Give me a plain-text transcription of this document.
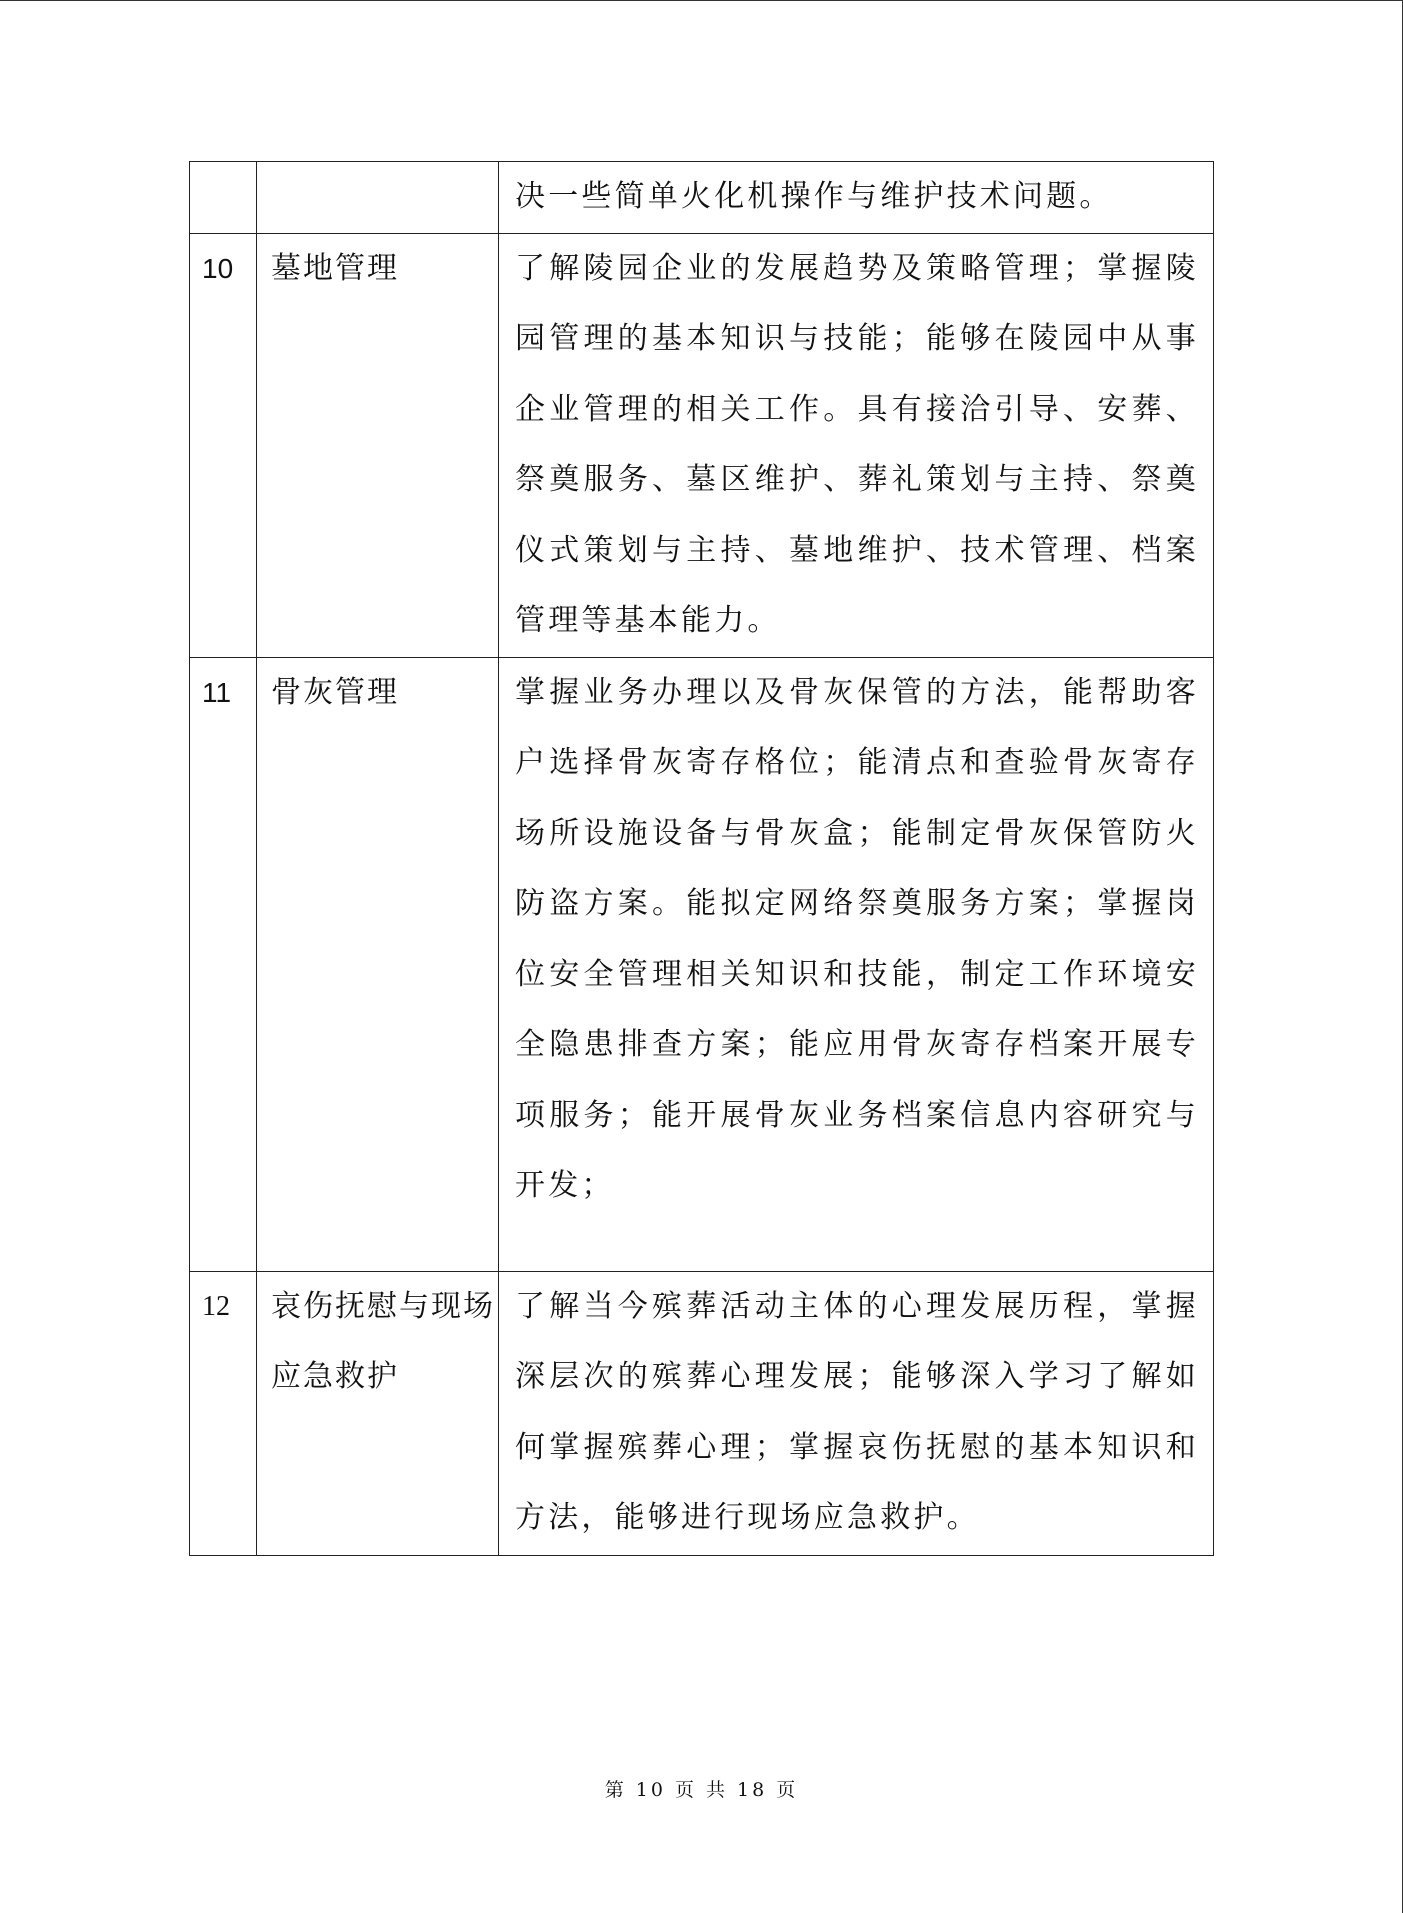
		决一些简单火化机操作与维护技术问题。
10	墓地管理	了解陵园企业的发展趋势及策略管理；掌握陵园管理的基本知识与技能；能够在陵园中从事企业管理的相关工作。具有接洽引导、安葬、祭奠服务、墓区维护、葬礼策划与主持、祭奠仪式策划与主持、墓地维护、技术管理、档案管理等基本能力。
11	骨灰管理	掌握业务办理以及骨灰保管的方法，能帮助客户选择骨灰寄存格位；能清点和查验骨灰寄存场所设施设备与骨灰盒；能制定骨灰保管防火防盗方案。能拟定网络祭奠服务方案；掌握岗位安全管理相关知识和技能，制定工作环境安全隐患排查方案；能应用骨灰寄存档案开展专项服务；能开展骨灰业务档案信息内容研究与开发；
12	哀伤抚慰与现场应急救护	了解当今殡葬活动主体的心理发展历程，掌握深层次的殡葬心理发展；能够深入学习了解如何掌握殡葬心理；掌握哀伤抚慰的基本知识和方法，能够进行现场应急救护。
第 10 页 共 18 页
